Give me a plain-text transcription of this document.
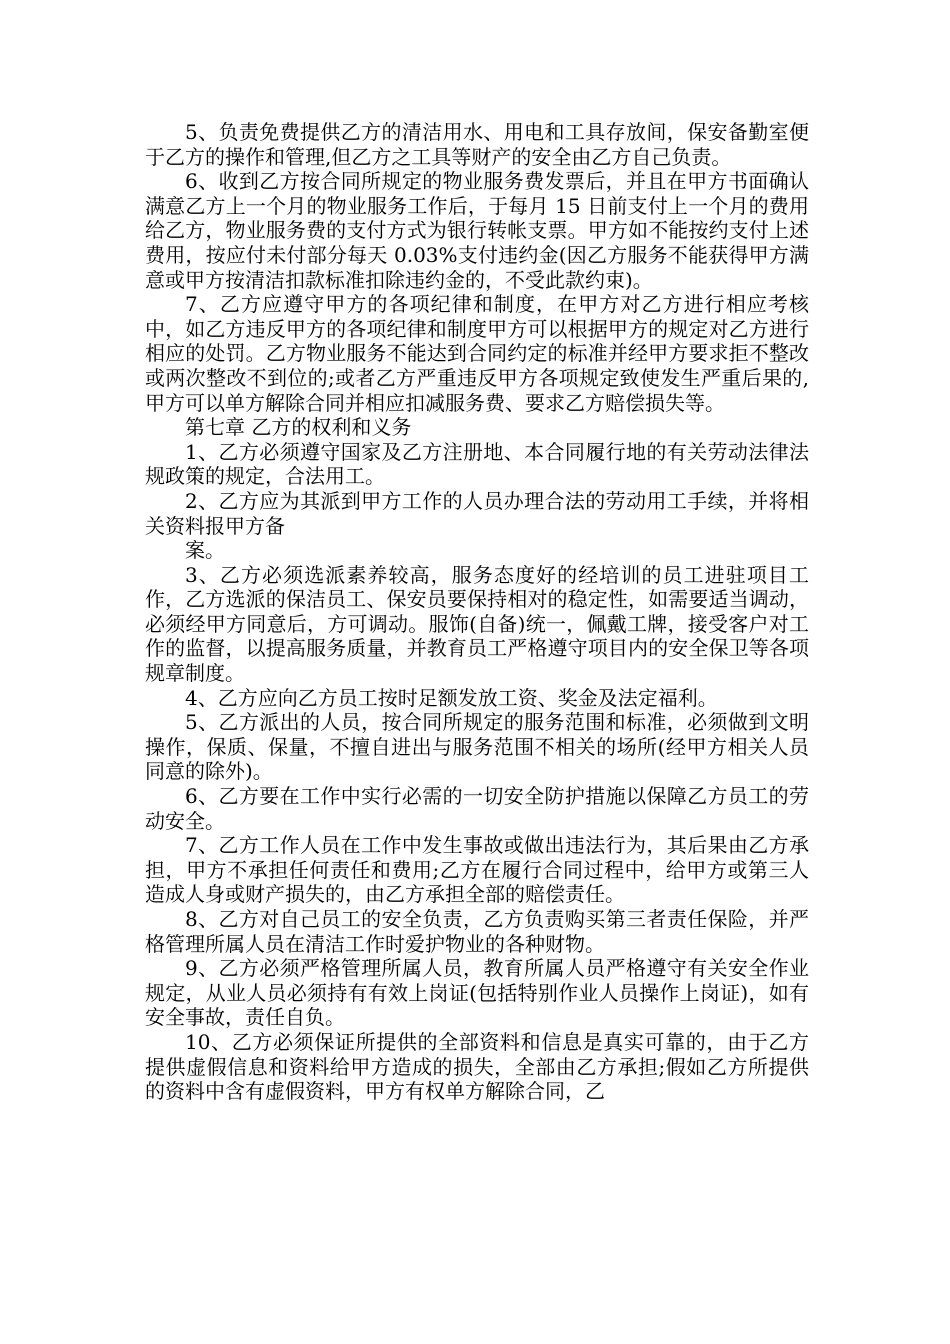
5、负责免费提供乙方的清洁用水、用电和工具存放间，保安备勤室便于乙方的操作和管理,但乙方之工具等财产的安全由乙方自己负责。

6、收到乙方按合同所规定的物业服务费发票后，并且在甲方书面确认满意乙方上一个月的物业服务工作后，于每月 15 日前支付上一个月的费用给乙方，物业服务费的支付方式为银行转帐支票。甲方如不能按约支付上述费用，按应付未付部分每天 0.03%支付违约金(因乙方服务不能获得甲方满意或甲方按清洁扣款标准扣除违约金的，不受此款约束)。

7、乙方应遵守甲方的各项纪律和制度，在甲方对乙方进行相应考核中，如乙方违反甲方的各项纪律和制度甲方可以根据甲方的规定对乙方进行相应的处罚。乙方物业服务不能达到合同约定的标准并经甲方要求拒不整改或两次整改不到位的;或者乙方严重违反甲方各项规定致使发生严重后果的,甲方可以单方解除合同并相应扣减服务费、要求乙方赔偿损失等。

第七章 乙方的权利和义务

1、乙方必须遵守国家及乙方注册地、本合同履行地的有关劳动法律法规政策的规定，合法用工。

2、乙方应为其派到甲方工作的人员办理合法的劳动用工手续，并将相关资料报甲方备

案。

3、乙方必须选派素养较高，服务态度好的经培训的员工进驻项目工作，乙方选派的保洁员工、保安员要保持相对的稳定性，如需要适当调动，必须经甲方同意后，方可调动。服饰(自备)统一，佩戴工牌，接受客户对工作的监督，以提高服务质量，并教育员工严格遵守项目内的安全保卫等各项规章制度。

4、乙方应向乙方员工按时足额发放工资、奖金及法定福利。

5、乙方派出的人员，按合同所规定的服务范围和标准，必须做到文明操作，保质、保量，不擅自进出与服务范围不相关的场所(经甲方相关人员同意的除外)。

6、乙方要在工作中实行必需的一切安全防护措施以保障乙方员工的劳动安全。

7、乙方工作人员在工作中发生事故或做出违法行为，其后果由乙方承担，甲方不承担任何责任和费用;乙方在履行合同过程中，给甲方或第三人造成人身或财产损失的，由乙方承担全部的赔偿责任。

8、乙方对自己员工的安全负责，乙方负责购买第三者责任保险，并严格管理所属人员在清洁工作时爱护物业的各种财物。

9、乙方必须严格管理所属人员，教育所属人员严格遵守有关安全作业规定，从业人员必须持有有效上岗证(包括特别作业人员操作上岗证)，如有安全事故，责任自负。

10、乙方必须保证所提供的全部资料和信息是真实可靠的，由于乙方提供虚假信息和资料给甲方造成的损失，全部由乙方承担;假如乙方所提供的资料中含有虚假资料，甲方有权单方解除合同，乙
